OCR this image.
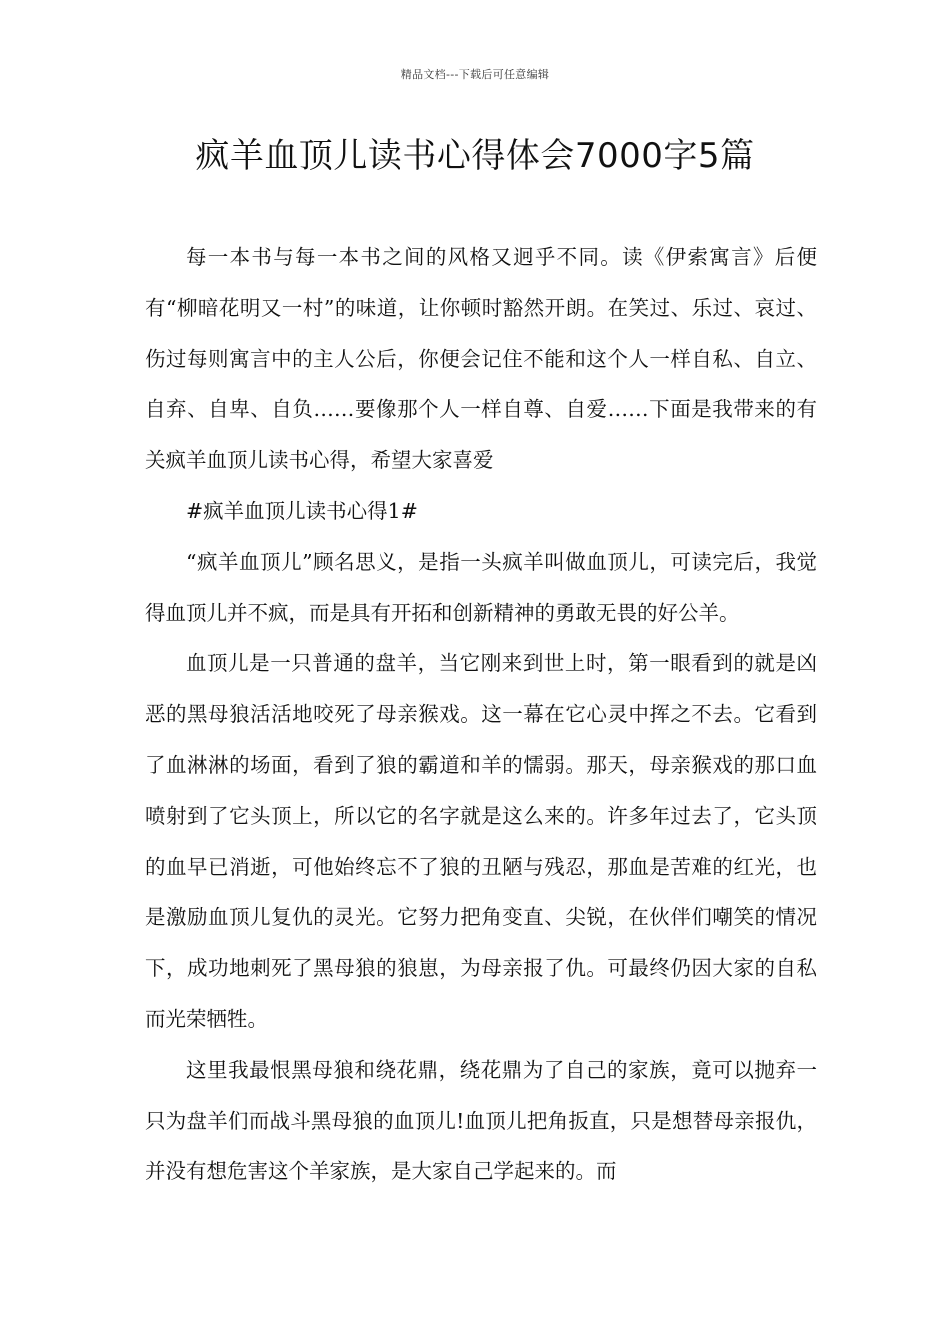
精品文档---下载后可任意编辑
疯羊血顶儿读书心得体会7000字5篇

每一本书与每一本书之间的风格又迥乎不同。读《伊索寓言》后便有“柳暗花明又一村”的味道，让你顿时豁然开朗。在笑过、乐过、哀过、伤过每则寓言中的主人公后，你便会记住不能和这个人一样自私、自立、自弃、自卑、自负……要像那个人一样自尊、自爱……下面是我带来的有关疯羊血顶儿读书心得，希望大家喜爱

#疯羊血顶儿读书心得1#

“疯羊血顶儿”顾名思义，是指一头疯羊叫做血顶儿，可读完后，我觉得血顶儿并不疯，而是具有开拓和创新精神的勇敢无畏的好公羊。

血顶儿是一只普通的盘羊，当它刚来到世上时，第一眼看到的就是凶恶的黑母狼活活地咬死了母亲猴戏。这一幕在它心灵中挥之不去。它看到了血淋淋的场面，看到了狼的霸道和羊的懦弱。那天，母亲猴戏的那口血喷射到了它头顶上，所以它的名字就是这么来的。许多年过去了，它头顶的血早已消逝，可他始终忘不了狼的丑陋与残忍，那血是苦难的红光，也是激励血顶儿复仇的灵光。它努力把角变直、尖锐，在伙伴们嘲笑的情况下，成功地刺死了黑母狼的狼崽，为母亲报了仇。可最终仍因大家的自私而光荣牺牲。

这里我最恨黑母狼和绕花鼎，绕花鼎为了自己的家族，竟可以抛弃一只为盘羊们而战斗黑母狼的血顶儿!血顶儿把角扳直，只是想替母亲报仇，并没有想危害这个羊家族，是大家自己学起来的。而
